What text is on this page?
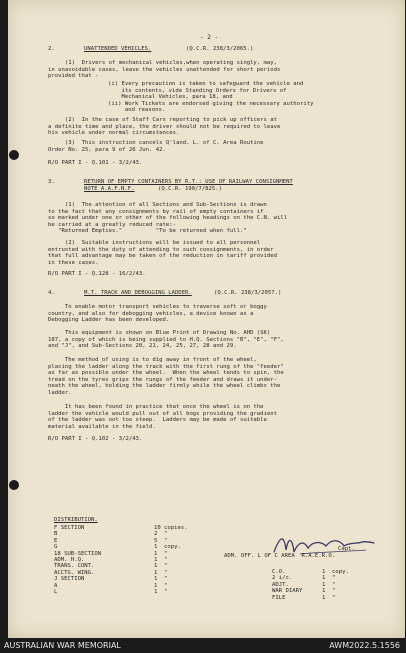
- 2 -
2.	UNATTENDED VEHICLES.	(Q.C.R. 238/3/2065.)
(1)  Drivers of mechanical vehicles,when operating singly, may,
in unavoidable cases, leave the vehicles unattended for short periods
provided that -
(i) Every precaution is taken to safeguard the vehicle and
its contents, vide Standing Orders for Drivers of
Mechanical Vehicles, para 18, and
(ii) Work Tickets are endorsed giving the necessary authority
and reasons.
(2)  In the case of Staff Cars reporting to pick up officers at
a definite time and place, the driver should not be required to leave
his vehicle under normal circumstances.
(3)  This instruction cancels Q'land. L. of C. Area Routine
Order No. 25, para 9 of 26 Jun. 42.
R/O PART I - Q.101 - 3/2/43.
3.	RETURN OF EMPTY CONTAINERS BY R.T.: USE OF RAILWAY CONSIGNMENT
NOTE A.A.F.N.F.	(Q.C.R. 190/7/825.)
(1)  The attention of all Sections and Sub-Sections is drawn
to the fact that any consignments by rail of empty containers if
so marked under one or other of the following headings on the C.N. will
be carried at a greatly reduced rate:-
"Returned Empties."          "To be returned when full."
(2)  Suitable instructions will be issued to all personnel
entrusted with the duty of attending to such consignments, in order
that full advantage may be taken of the reduction in tariff provided
in these cases.
R/O PART I - Q.128 - 16/2/43.
4.	M.T. TRACK AND DEBOGGING LADDER.	(Q.C.R. 238/3/2057.)
To enable motor transport vehicles to traverse soft or boggy
country, and also for debogging vehicles, a device known as a
Debogging Ladder has been developed.
This equipment is shown on Blue Print of Drawing No. AHD (SK)
187, a copy of which is being supplied to H.Q. Sections "B", "E", "F",
and "J", and Sub-Sections 20, 21, 24, 25, 27, 28 and 29.
The method of using is to dig away in front of the wheel,
placing the ladder along the track with the first rung of the "feeder"
as far as possible under the wheel.  When the wheel tends to spin, the
tread on the tyres grips the rungs of the feeder and draws it under-
neath the wheel, holding the ladder firmly while the wheel climbs the
ladder.
It has been found in practice that once the wheel is on the
ladder the vehicle would pull out of all bogs providing the gradient
of the ladder was not too steep.  Ladders may be made of suitable
material available in the field.
R/O PART I - Q.102 - 3/2/43.
DISTRIBUTION.
F SECTION	10 copies.
B	2 "
E	5 "
G	1 copy.
18 SUB-SECTION	1 "
ADM. H.Q.	1 "
TRANS. CONT.	1 "
ACCTG. WING.	1 "
J SECTION	1 "
A	1 "
L	1 "
C.O.	1 copy.
2 i/c.	1 "
ADJT.	1 "
WAR DIARY	1 "
FILE	1 "
Capt.
ADM. OFF. L OF C AREA  R.A.E.R.O.
AUSTRALIAN WAR MEMORIAL	AWM2022.5.1556
